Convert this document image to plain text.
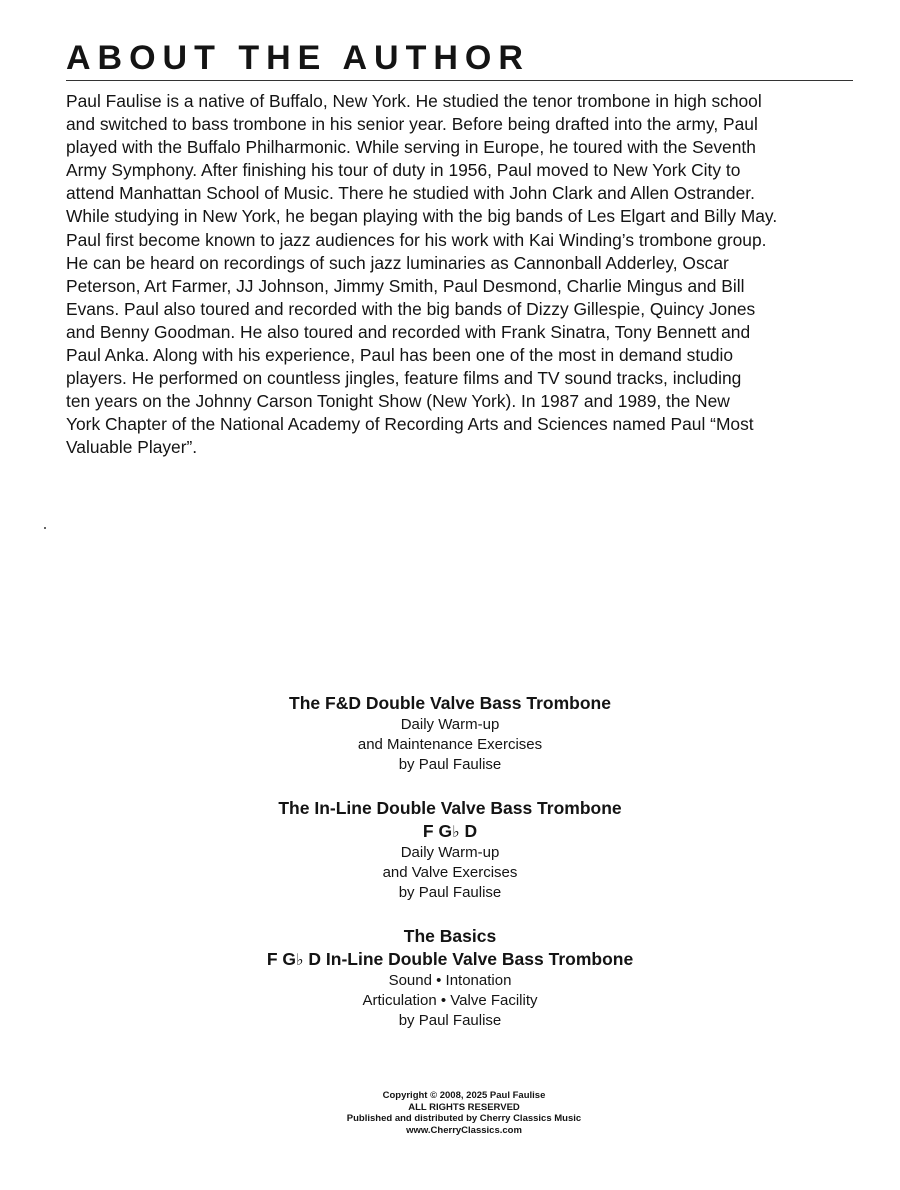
ABOUT THE AUTHOR

Paul Faulise is a native of Buffalo, New York. He studied the tenor trombone in high school
and switched to bass trombone in his senior year. Before being drafted into the army, Paul
played with the Buffalo Philharmonic. While serving in Europe, he toured with the Seventh
Army Symphony. After finishing his tour of duty in 1956, Paul moved to New York City to
attend Manhattan School of Music. There he studied with John Clark and Allen Ostrander.
While studying in New York, he began playing with the big bands of Les Elgart and Billy May.
Paul first become known to jazz audiences for his work with Kai Winding’s trombone group.
He can be heard on recordings of such jazz luminaries as Cannonball Adderley, Oscar
Peterson, Art Farmer, JJ Johnson, Jimmy Smith, Paul Desmond, Charlie Mingus and Bill
Evans. Paul also toured and recorded with the big bands of Dizzy Gillespie, Quincy Jones
and Benny Goodman. He also toured and recorded with Frank Sinatra, Tony Bennett and
Paul Anka. Along with his experience, Paul has been one of the most in demand studio
players. He performed on countless jingles, feature films and TV sound tracks, including
ten years on the Johnny Carson Tonight Show (New York). In 1987 and 1989, the New
York Chapter of the National Academy of Recording Arts and Sciences named Paul “Most
Valuable Player”.

The F&D Double Valve Bass Trombone
Daily Warm-up
and Maintenance Exercises
by Paul Faulise
The In-Line Double Valve Bass Trombone
F G♭ D
Daily Warm-up
and Valve Exercises
by Paul Faulise
The Basics
F G♭ D In-Line Double Valve Bass Trombone
Sound • Intonation
Articulation • Valve Facility
by Paul Faulise
Copyright © 2008, 2025 Paul Faulise
ALL RIGHTS RESERVED
Published and distributed by Cherry Classics Music
www.CherryClassics.com
